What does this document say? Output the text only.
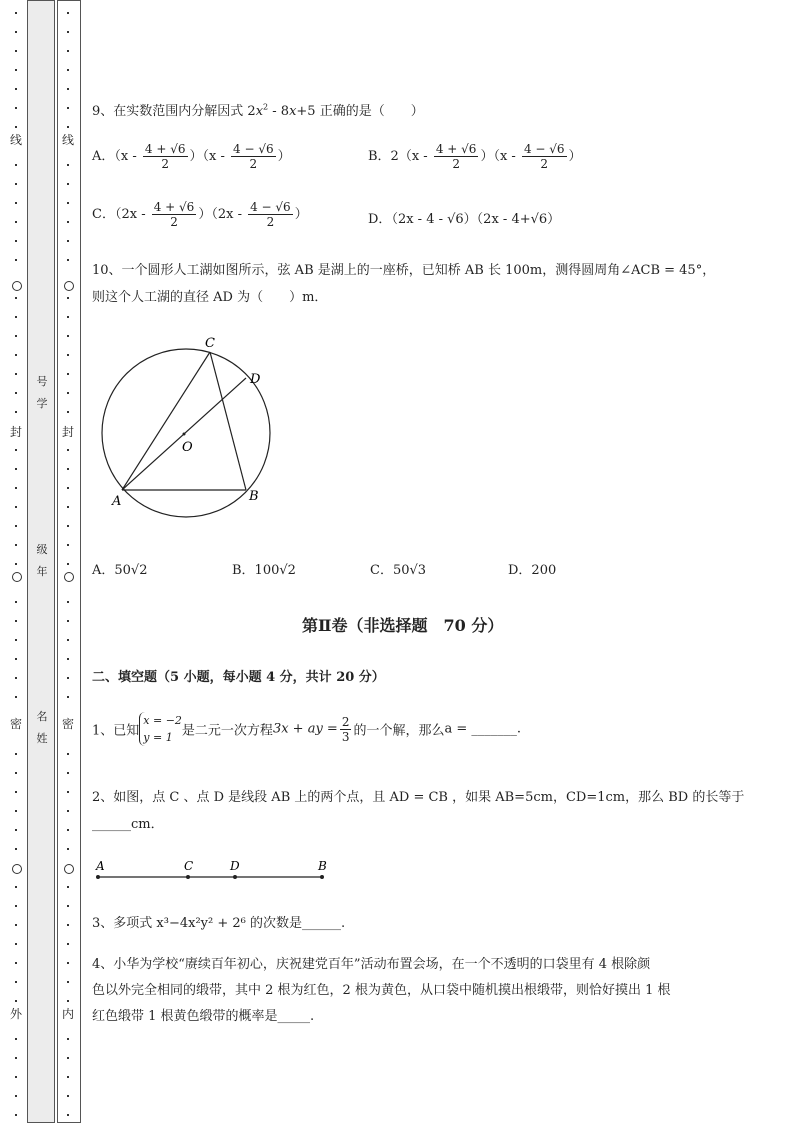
线
封
密
外
线
封
密
内
号
学
级
年
名
姓
9、在实数范围内分解因式 $2x^2 - 8x+5$ 正确的是（　　）
A．$(x - \frac{4 + √6}{2} )(x - \frac{4 - √6}{2}$ ）	B．$2(x - \frac{4 + √6}{2} )(x - \frac{4 - √6}{2}$ ）
C．$(2x - \frac{4 + √6}{2} )(2x - \frac{4 - √6}{2}$ ）	D．（2x - 4 - √6）（2x - 4+√6）
10、一个圆形人工湖如图所示，弦 AB 是湖上的一座桥，已知桥 AB 长 100m，测得圆周角∠ACB = 45°，
则这个人工湖的直径 AD 为（　　）m．
A	B
C
D
O
A．50√2	B．100√2	C．50√3	D．200
第Ⅱ卷（非选择题　70 分）
二、填空题（5 小题，每小题 4 分，共计 20 分）
1、已知
x = −2
y = 1 是二元一次方程3x + ay = $\frac{2}{3}$ 的一个解，那么a = _______.
2、如图，点 C 、点 D 是线段 AB 上的两个点，且 AD = CB ，如果 AB=5cm，CD=1cm，那么 BD 的长等于
______cm．
A	C	D	B
3、多项式 x³−4x²y² + 2⁶ 的次数是______.
4、小华为学校“赓续百年初心，庆祝建党百年”活动布置会场，在一个不透明的口袋里有 4 根除颜
色以外完全相同的缎带，其中 2 根为红色，2 根为黄色，从口袋中随机摸出根缎带，则恰好摸出 1 根
红色缎带 1 根黄色缎带的概率是_____.
